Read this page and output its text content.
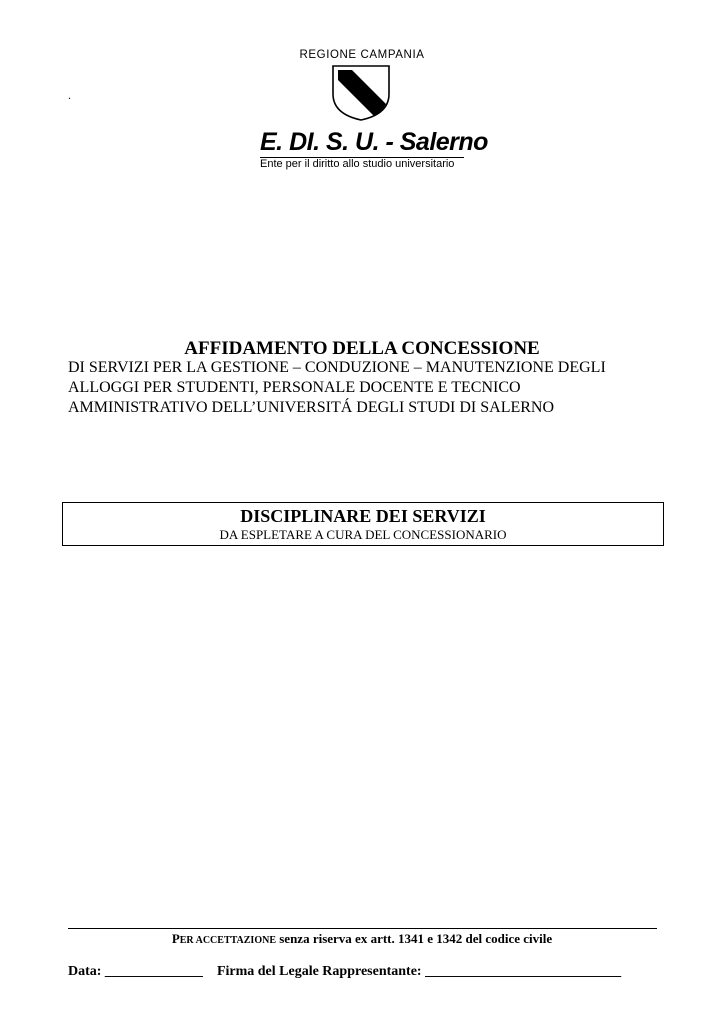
REGIONE CAMPANIA
.
E. DI. S. U. - Salerno
Ente per il diritto allo studio universitario
AFFIDAMENTO DELLA CONCESSIONE
DI SERVIZI PER LA GESTIONE – CONDUZIONE – MANUTENZIONE DEGLI
ALLOGGI PER STUDENTI, PERSONALE DOCENTE E TECNICO
AMMINISTRATIVO DELL’UNIVERSITÁ DEGLI STUDI DI SALERNO
DISCIPLINARE DEI SERVIZI
DA ESPLETARE A CURA DEL CONCESSIONARIO
PER ACCETTAZIONE senza riserva ex artt. 1341 e 1342 del codice civile
Data: ______________ Firma del Legale Rappresentante: ____________________________
